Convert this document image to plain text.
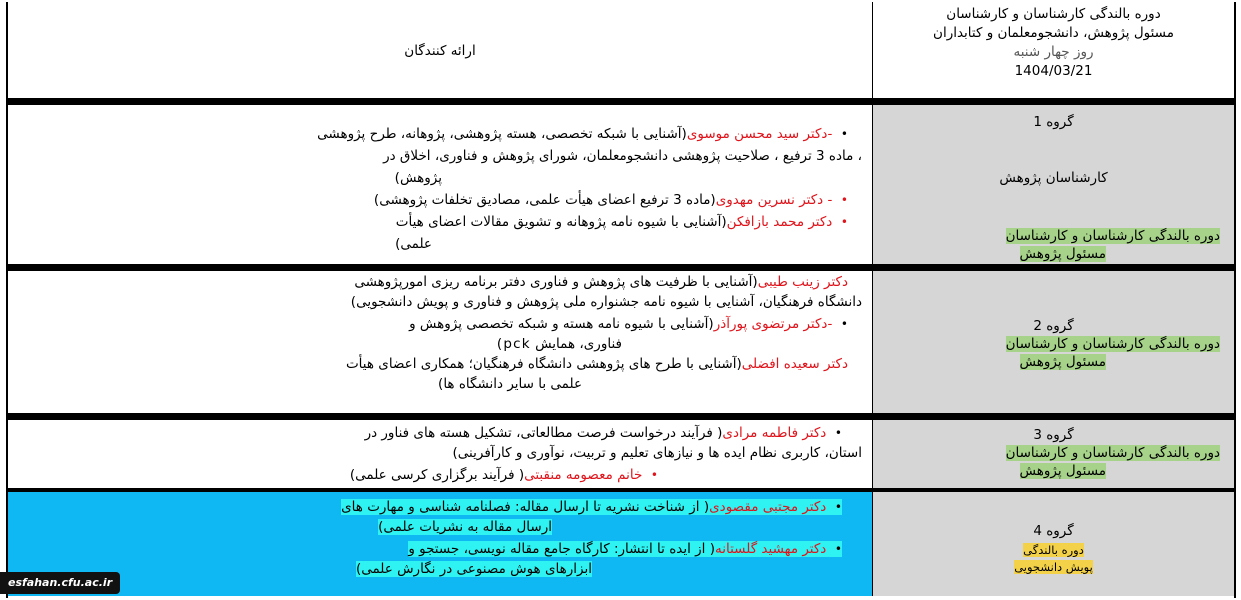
ارائه کنندگان
دوره بالندگی کارشناسان و کارشناسان
مسئول پژوهش، دانشجومعلمان و کتابداران
روز چهار شنبه
1404/03/21
•  -دکتر سید محسن موسوی(آشنایی با شبکه تخصصی، هسته پژوهشی، پژوهانه، طرح پژوهشی
، ماده 3 ترفیع ، صلاحیت پژوهشی دانشجومعلمان، شورای پژوهش و فناوری، اخلاق در
پژوهش)
•  - دکتر نسرین مهدوی(ماده 3 ترفیع اعضای هیأت علمی، مصادیق تخلفات پژوهشی)
•  دکتر محمد بازافکن(آشنایی با شیوه نامه پژوهانه و تشویق مقالات اعضای هیأت
علمی)
گروه 1
کارشناسان پژوهش
دوره بالندگی کارشناسان و کارشناسان
مسئول پژوهش
دکتر زینب طیبی(آشنایی با ظرفیت های پژوهش و فناوری دفتر برنامه ریزی امورپژوهشی
دانشگاه فرهنگیان، آشنایی با شیوه نامه جشنواره ملی پژوهش و فناوری و پویش دانشجویی)
•  -دکتر مرتضوی پورآذر(آشنایی با شیوه نامه هسته و شبکه تخصصی پژوهش و
فناوری، همایش pck)
دکتر سعیده افضلی(آشنایی با طرح های پژوهشی دانشگاه فرهنگیان؛ همکاری اعضای هیأت
علمی با سایر دانشگاه ها)
گروه 2
دوره بالندگی کارشناسان و کارشناسان
مسئول پژوهش
•  دکتر فاطمه مرادی( فرآیند درخواست فرصت مطالعاتی، تشکیل هسته های فناور در
استان، کاربری نظام ایده ها و نیازهای تعلیم و تربیت، نوآوری و کارآفرینی)
•  خانم معصومه منقبتی( فرآیند برگزاری کرسی علمی)
گروه 3
دوره بالندگی کارشناسان و کارشناسان
مسئول پژوهش
•  دکتر مجتبی مقصودی( از شناخت نشریه تا ارسال مقاله: فصلنامه شناسی و مهارت های
ارسال مقاله به نشریات علمی)
•  دکتر مهشید گلستانه( از ایده تا انتشار: کارگاه جامع مقاله نویسی، جستجو و
ابزارهای هوش مصنوعی در نگارش علمی)
گروه 4
دوره بالندگی
پویش دانشجویی
esfahan.cfu.ac.ir
